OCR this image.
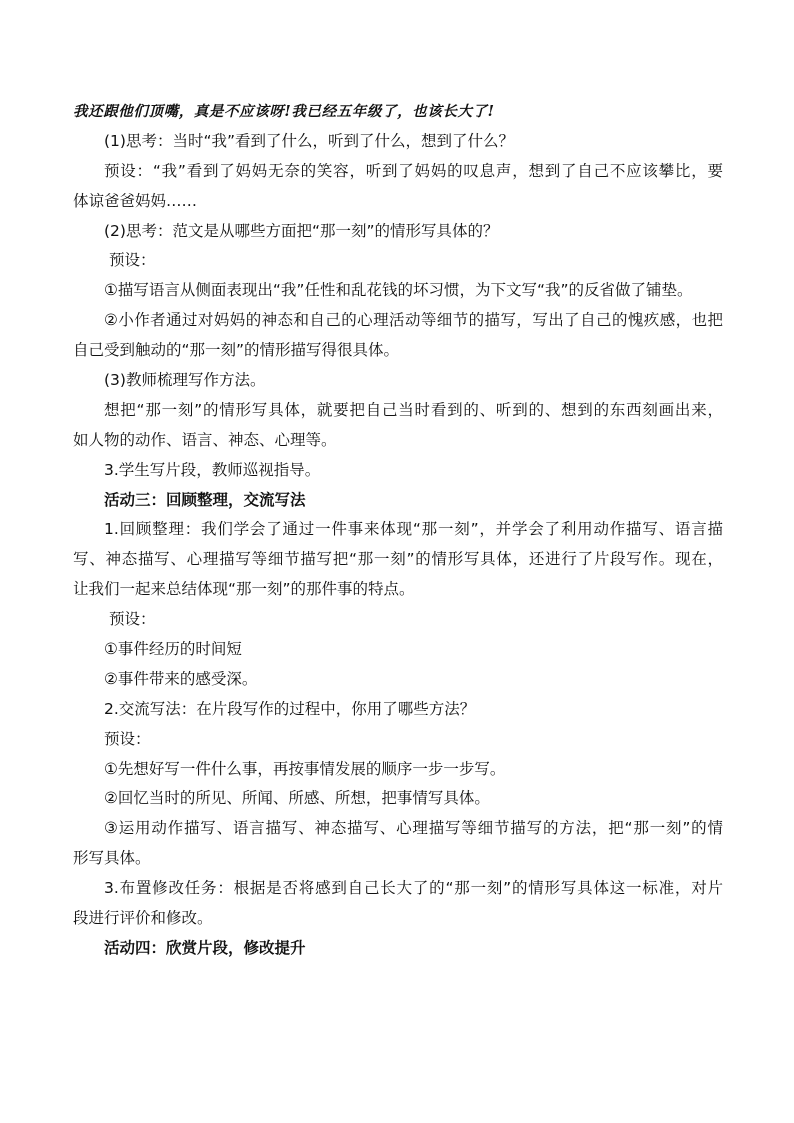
我还跟他们顶嘴，真是不应该呀!我已经五年级了，也该长大了!
(1)思考：当时“我”看到了什么，听到了什么，想到了什么？
预设：“我”看到了妈妈无奈的笑容，听到了妈妈的叹息声，想到了自己不应该攀比，要
体谅爸爸妈妈……
(2)思考：范文是从哪些方面把“那一刻”的情形写具体的？
预设：
①描写语言从侧面表现出“我”任性和乱花钱的坏习惯，为下文写“我”的反省做了铺垫。
②小作者通过对妈妈的神态和自己的心理活动等细节的描写，写出了自己的愧疚感，也把
自己受到触动的“那一刻”的情形描写得很具体。
(3)教师梳理写作方法。
想把“那一刻”的情形写具体，就要把自己当时看到的、听到的、想到的东西刻画出来，
如人物的动作、语言、神态、心理等。
3.学生写片段，教师巡视指导。
活动三：回顾整理，交流写法
1.回顾整理：我们学会了通过一件事来体现“那一刻”，并学会了利用动作描写、语言描
写、神态描写、心理描写等细节描写把“那一刻”的情形写具体，还进行了片段写作。现在，
让我们一起来总结体现“那一刻”的那件事的特点。
预设：
①事件经历的时间短
②事件带来的感受深。
2.交流写法：在片段写作的过程中，你用了哪些方法？
预设：
①先想好写一件什么事，再按事情发展的顺序一步一步写。
②回忆当时的所见、所闻、所感、所想，把事情写具体。
③运用动作描写、语言描写、神态描写、心理描写等细节描写的方法，把“那一刻”的情
形写具体。
3.布置修改任务：根据是否将感到自己长大了的“那一刻”的情形写具体这一标准，对片
段进行评价和修改。
活动四：欣赏片段，修改提升
